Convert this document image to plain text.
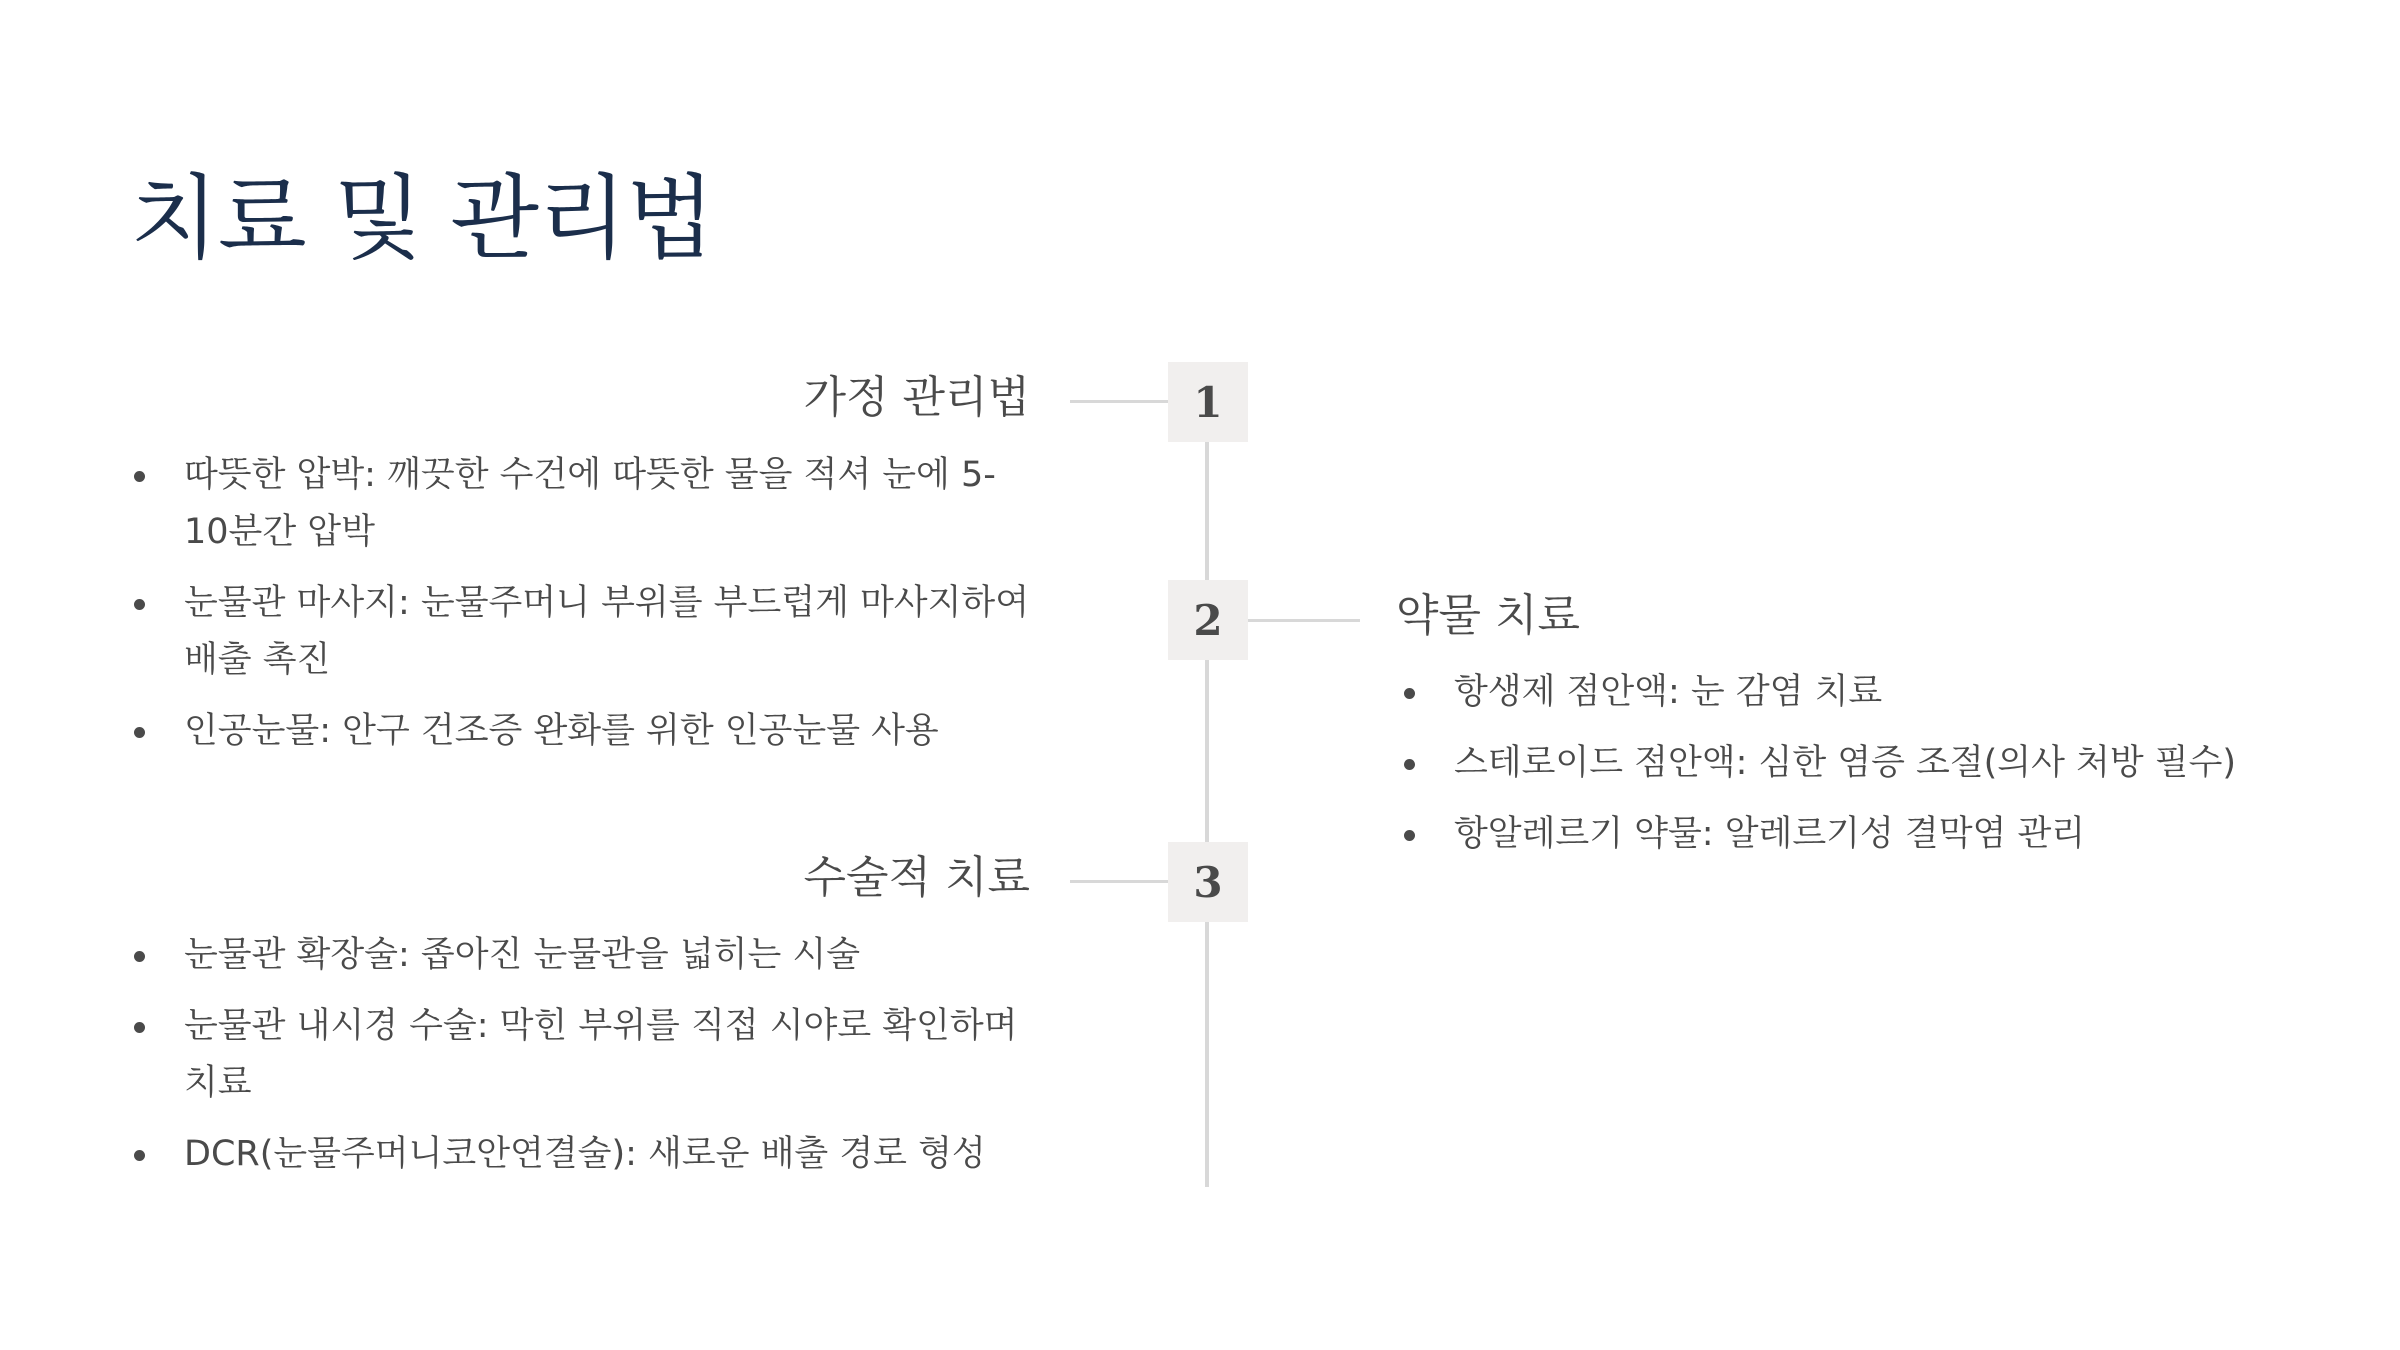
치료 및 관리법
1
가정 관리법
따뜻한 압박: 깨끗한 수건에 따뜻한 물을 적셔 눈에 5-10분간 압박
눈물관 마사지: 눈물주머니 부위를 부드럽게 마사지하여 배출 촉진
인공눈물: 안구 건조증 완화를 위한 인공눈물 사용
2	약물 치료
항생제 점안액: 눈 감염 치료
스테로이드 점안액: 심한 염증 조절(의사 처방 필수)
항알레르기 약물: 알레르기성 결막염 관리
3
수술적 치료
눈물관 확장술: 좁아진 눈물관을 넓히는 시술
눈물관 내시경 수술: 막힌 부위를 직접 시야로 확인하며 치료
DCR(눈물주머니코안연결술): 새로운 배출 경로 형성
